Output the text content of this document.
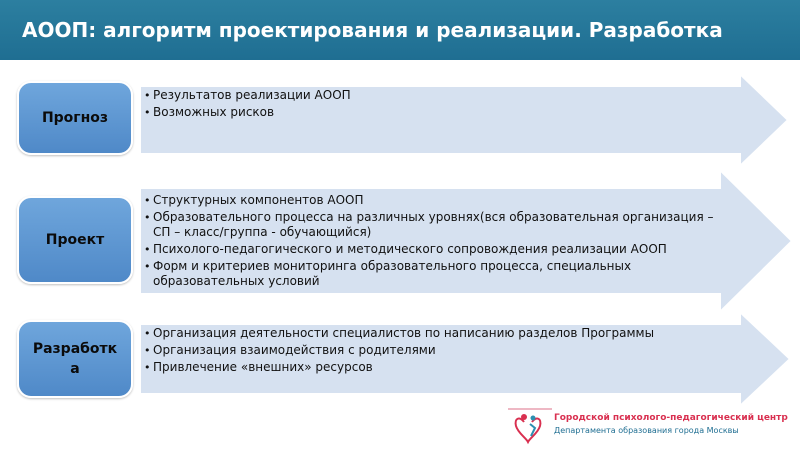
АООП: алгоритм проектирования и реализации. Разработка
Прогноз
• Результатов реализации АООП
• Возможных рисков
Проект
• Структурных компонентов АООП
• Образовательного процесса на различных уровнях(вся образовательная организация – СП – класс/группа - обучающийся)
• Психолого-педагогического и методического сопровождения реализации АООП
• Форм и критериев мониторинга образовательного процесса, специальных образовательных условий
Разработка
• Организация деятельности специалистов по написанию разделов Программы
• Организация взаимодействия с родителями
• Привлечение «внешних» ресурсов
Городской психолого-педагогический центр
Департамента образования города Москвы
